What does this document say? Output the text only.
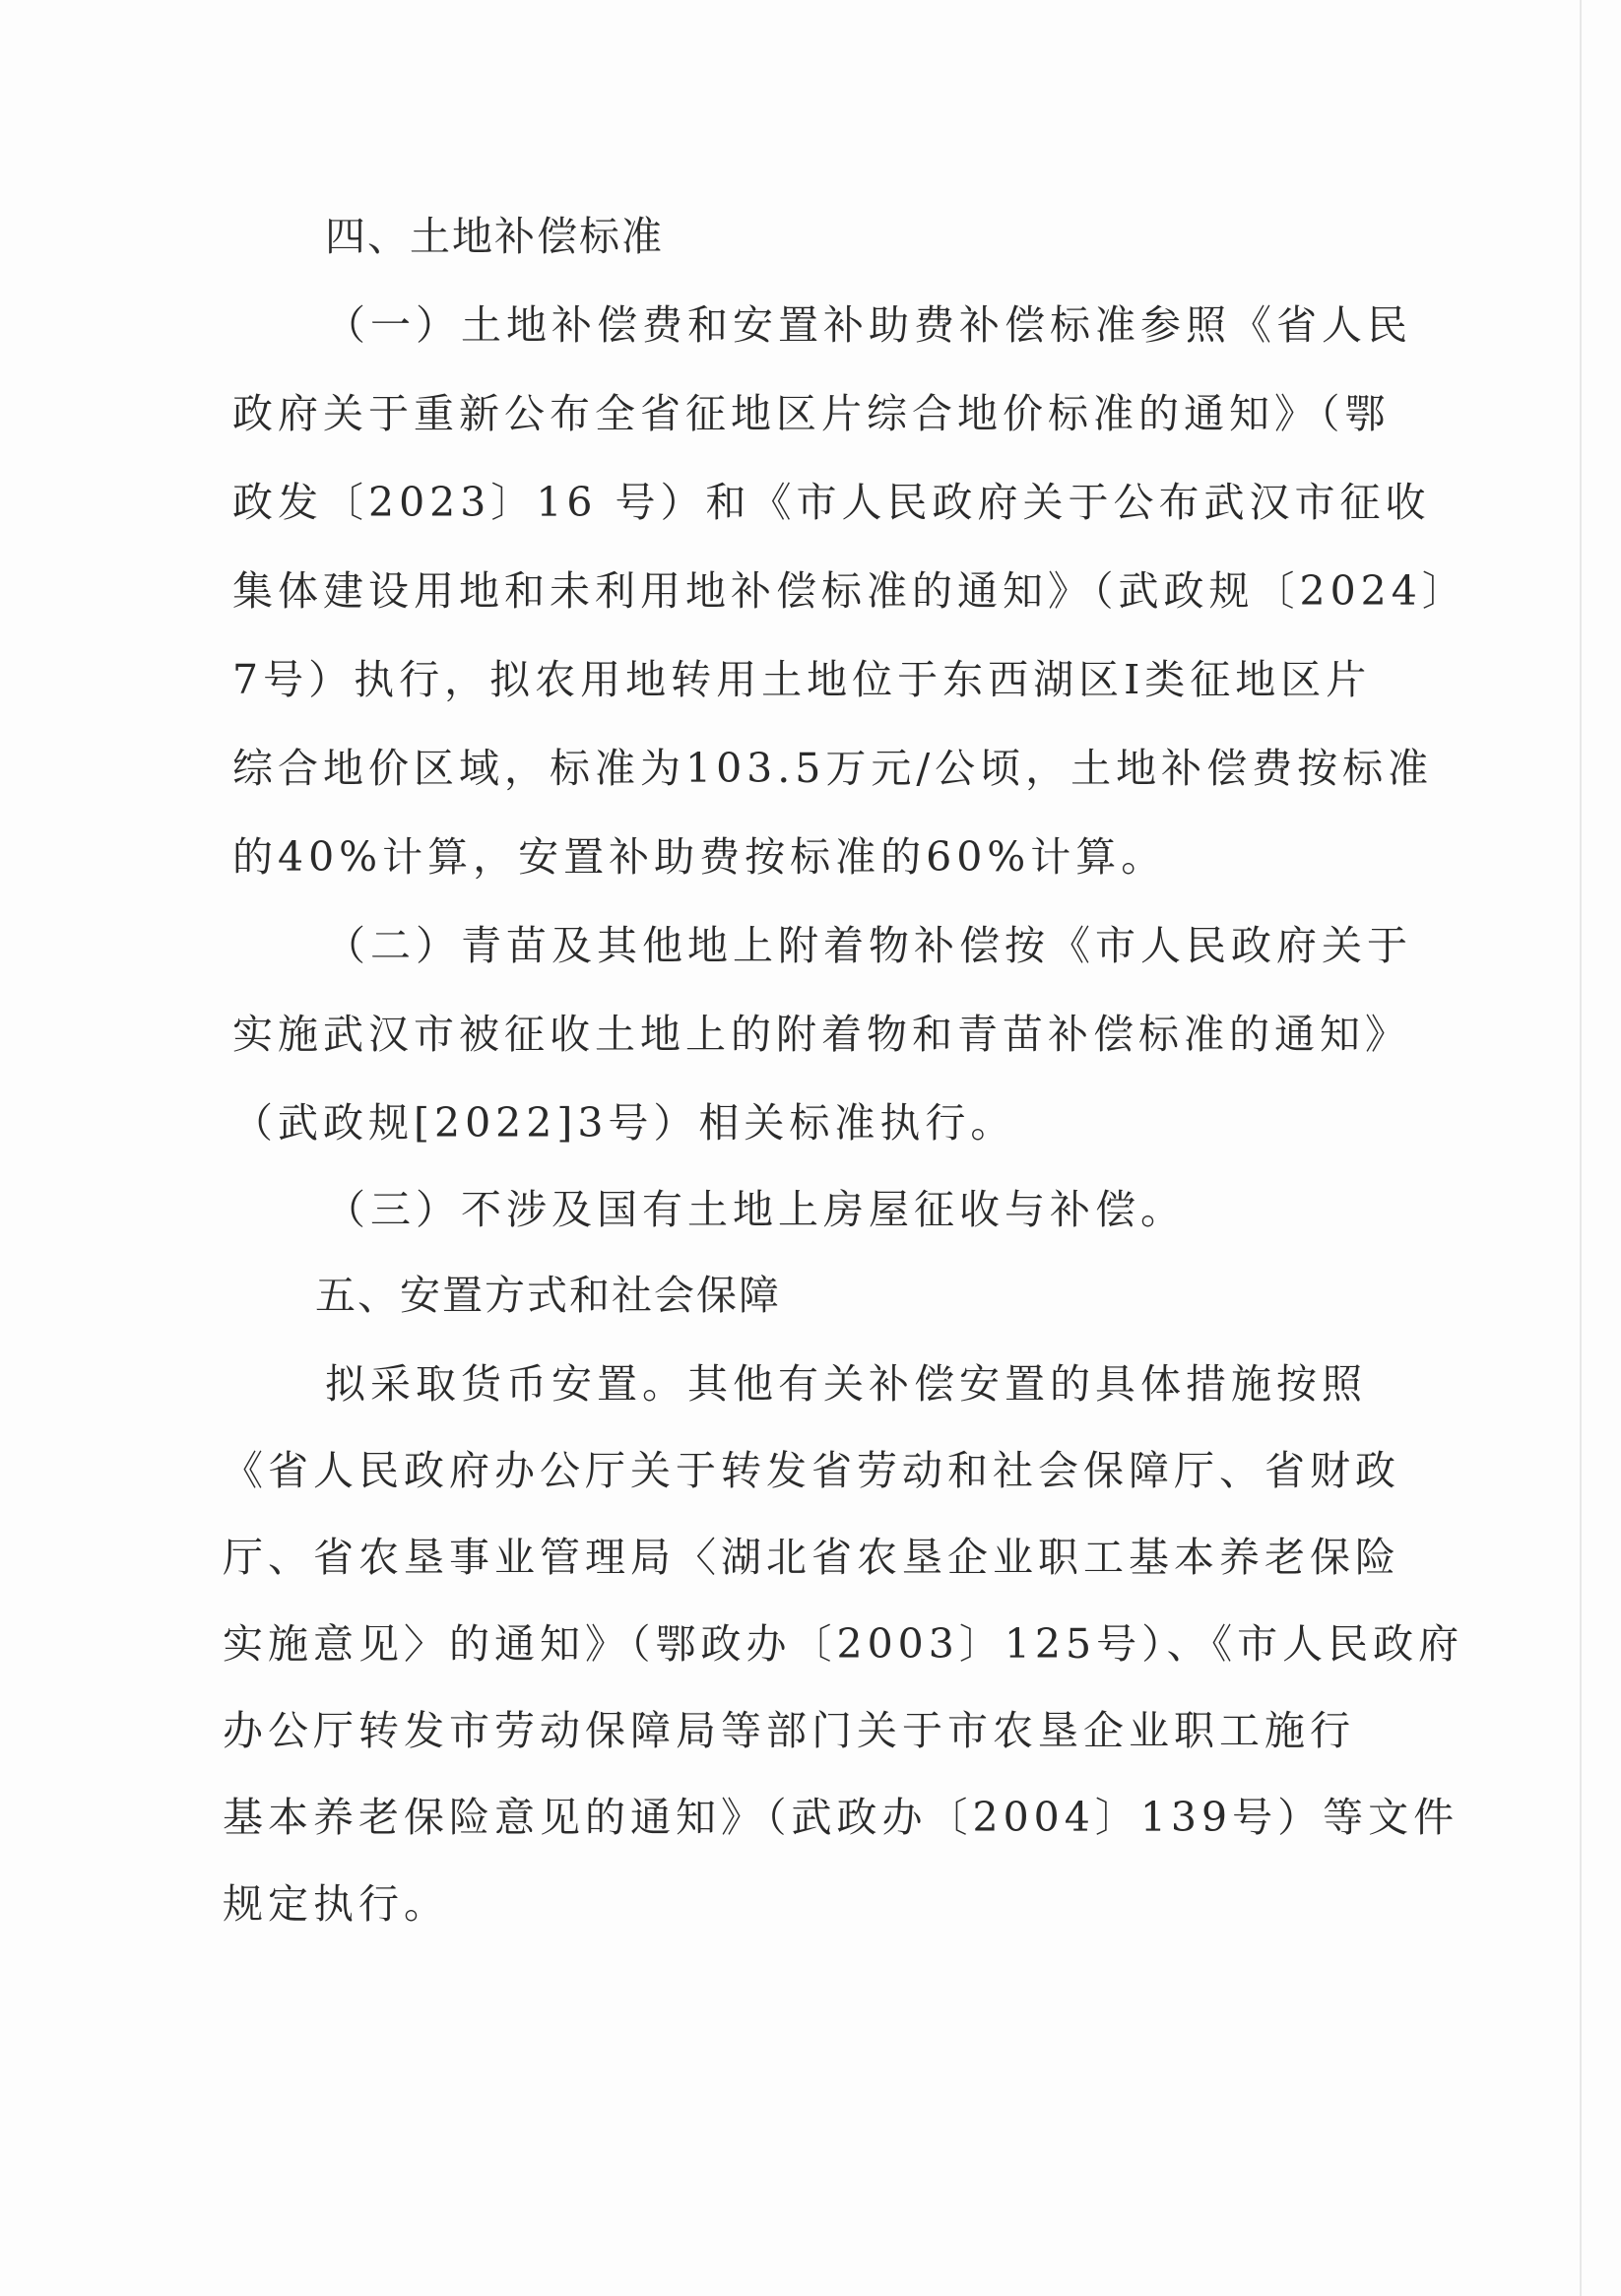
四、土地补偿标准
（一）土地补偿费和安置补助费补偿标准参照《省人民
政府关于重新公布全省征地区片综合地价标准的通知》（鄂
政发〔2023〕16 号）和《市人民政府关于公布武汉市征收
集体建设用地和未利用地补偿标准的通知》（武政规〔2024〕
7号）执行，拟农用地转用土地位于东西湖区Ⅰ类征地区片
综合地价区域，标准为103.5万元/公顷，土地补偿费按标准
的40%计算，安置补助费按标准的60%计算。
（二）青苗及其他地上附着物补偿按《市人民政府关于
实施武汉市被征收土地上的附着物和青苗补偿标准的通知》
（武政规[2022]3号）相关标准执行。
（三）不涉及国有土地上房屋征收与补偿。
五、安置方式和社会保障
拟采取货币安置。其他有关补偿安置的具体措施按照
《省人民政府办公厅关于转发省劳动和社会保障厅、省财政
厅、省农垦事业管理局〈湖北省农垦企业职工基本养老保险
实施意见〉的通知》（鄂政办〔2003〕125号）、《市人民政府
办公厅转发市劳动保障局等部门关于市农垦企业职工施行
基本养老保险意见的通知》（武政办〔2004〕139号）等文件
规定执行。
